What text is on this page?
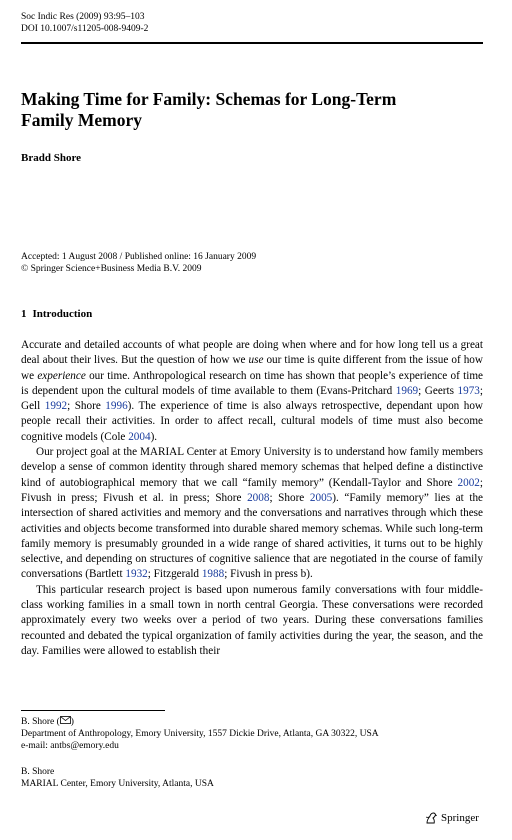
Soc Indic Res (2009) 93:95–103
DOI 10.1007/s11205-008-9409-2
Making Time for Family: Schemas for Long-Term
Family Memory
Bradd Shore
Accepted: 1 August 2008 / Published online: 16 January 2009
© Springer Science+Business Media B.V. 2009
1 Introduction

Accurate and detailed accounts of what people are doing when where and for how long tell us a great deal about their lives. But the question of how we use our time is quite different from the issue of how we experience our time. Anthropological research on time has shown that people’s experience of time is dependent upon the cultural models of time available to them (Evans-Pritchard 1969; Geerts 1973; Gell 1992; Shore 1996). The experience of time is also always retrospective, dependant upon how people recall their activities. In order to affect recall, cultural models of time must also become cognitive models (Cole 2004).

Our project goal at the MARIAL Center at Emory University is to understand how family members develop a sense of common identity through shared memory schemas that helped define a distinctive kind of autobiographical memory that we call “family memory” (Kendall-Taylor and Shore 2002; Fivush in press; Fivush et al. in press; Shore 2008; Shore 2005). “Family memory” lies at the intersection of shared activities and memory and the conversations and narratives through which these activities and objects become transformed into durable shared memory schemas. While such long-term family memory is presumably grounded in a wide range of shared activities, it turns out to be highly selective, and depending on structures of cognitive salience that are negotiated in the course of family conversations (Bartlett 1932; Fitzgerald 1988; Fivush in press b).

This particular research project is based upon numerous family conversations with four middle-class working families in a small town in north central Georgia. These conversations were recorded approximately every two weeks over a period of two years. During these conversations families recounted and debated the typical organization of family activities during the year, the season, and the day. Families were allowed to establish their

B. Shore ( )
Department of Anthropology, Emory University, 1557 Dickie Drive, Atlanta, GA 30322, USA
e-mail: antbs@emory.edu
B. Shore
MARIAL Center, Emory University, Atlanta, USA
Springer
